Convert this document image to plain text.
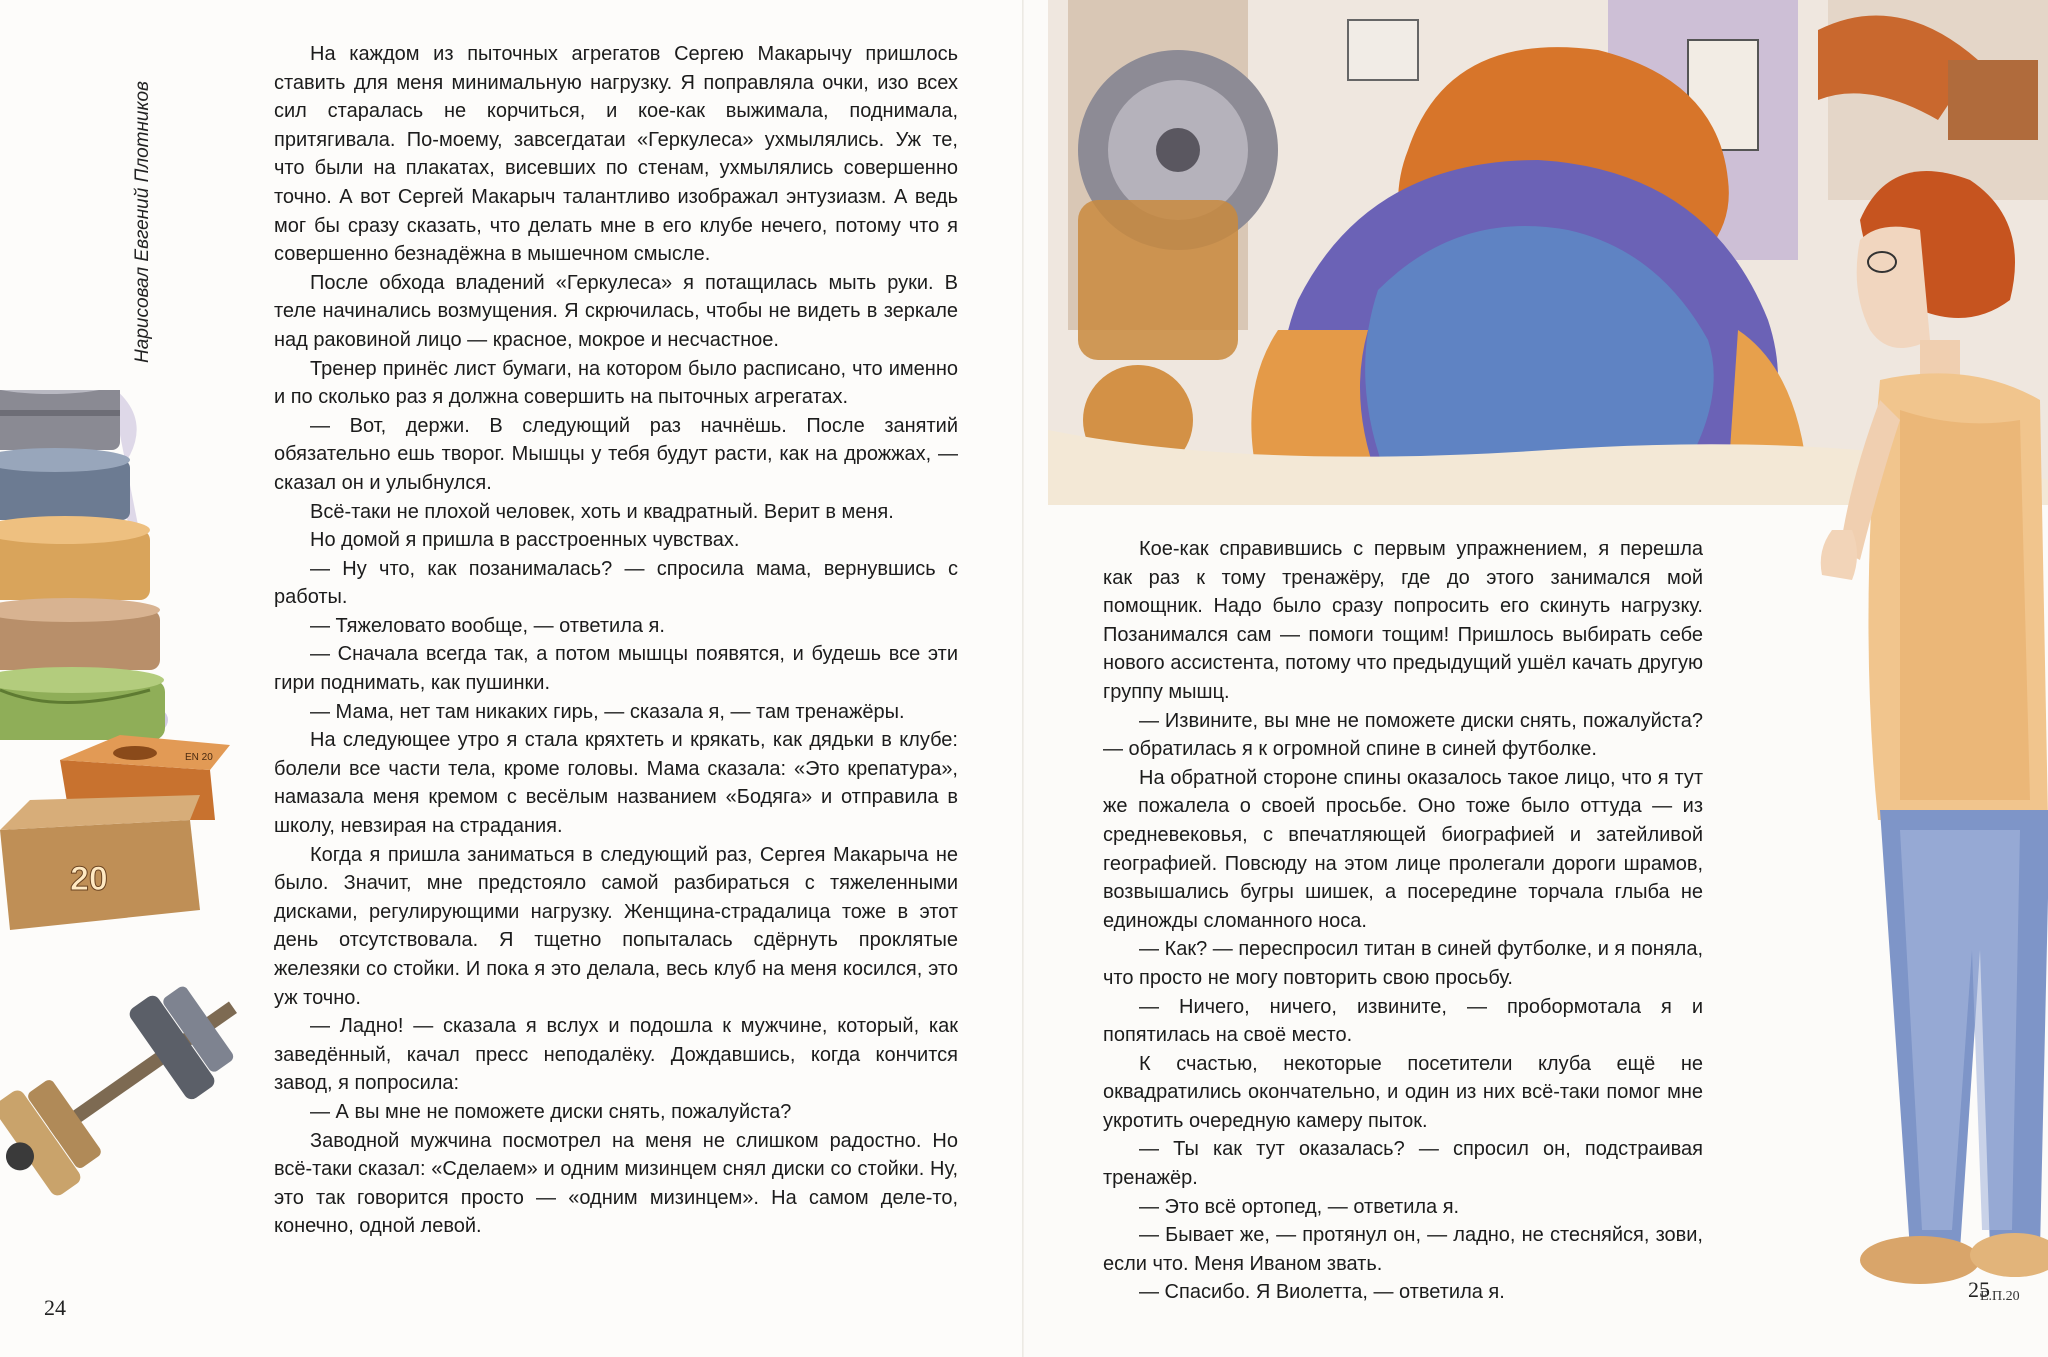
Нарисовал Евгений Плотников
EN 20
20

На каждом из пыточных агрегатов Сергею Макарычу пришлось ставить для меня минимальную нагрузку. Я поправляла очки, изо всех сил старалась не корчиться, и кое-как выжимала, поднимала, притягивала. По-моему, завсегдатаи «Геркулеса» ухмылялись. Уж те, что были на плакатах, висевших по стенам, ухмылялись совершенно точно. А вот Сергей Макарыч талантливо изображал энтузиазм. А ведь мог бы сразу сказать, что делать мне в его клубе нечего, потому что я совершенно безнадёжна в мышечном смысле.

После обхода владений «Геркулеса» я потащилась мыть руки. В теле начинались возмущения. Я скрючилась, чтобы не видеть в зеркале над раковиной лицо — красное, мокрое и несчастное.

Тренер принёс лист бумаги, на котором было расписано, что именно и по сколько раз я должна совершить на пыточных агрегатах.

— Вот, держи. В следующий раз начнёшь. После занятий обязательно ешь творог. Мышцы у тебя будут расти, как на дрожжах, — сказал он и улыбнулся.

Всё-таки не плохой человек, хоть и квадратный. Верит в меня.

Но домой я пришла в расстроенных чувствах.

— Ну что, как позанималась? — спросила мама, вернувшись с работы.

— Тяжеловато вообще, — ответила я.

— Сначала всегда так, а потом мышцы появятся, и будешь все эти гири поднимать, как пушинки.

— Мама, нет там никаких гирь, — сказала я, — там тренажёры.

На следующее утро я стала кряхтеть и крякать, как дядьки в клубе: болели все части тела, кроме головы. Мама сказала: «Это крепатура», намазала меня кремом с весёлым названием «Бодяга» и отправила в школу, невзирая на страдания.

Когда я пришла заниматься в следующий раз, Сергея Макарыча не было. Значит, мне предстояло самой разбираться с тяжеленными дисками, регулирующими нагрузку. Женщина-страдалица тоже в этот день отсутствовала. Я тщетно попыталась сдёрнуть проклятые железяки со стойки. И пока я это делала, весь клуб на меня косился, это уж точно.

— Ладно! — сказала я вслух и подошла к мужчине, который, как заведённый, качал пресс неподалёку. Дождавшись, когда кончится завод, я попросила:

— А вы мне не поможете диски снять, пожалуйста?

Заводной мужчина посмотрел на меня не слишком радостно. Но всё-таки сказал: «Сделаем» и одним мизинцем снял диски со стойки. Ну, это так говорится просто — «одним мизинцем». На самом деле-то, конечно, одной левой.

24
25
E.П.20

Кое-как справившись с первым упражнением, я перешла как раз к тому тренажёру, где до этого занимался мой помощник. Надо было сразу попросить его скинуть нагрузку. Позанимался сам — помоги тощим! Пришлось выбирать себе нового ассистента, потому что предыдущий ушёл качать другую группу мышц.

— Извините, вы мне не поможете диски снять, пожалуйста? — обратилась я к огромной спине в синей футболке.

На обратной стороне спины оказалось такое лицо, что я тут же пожалела о своей просьбе. Оно тоже было оттуда — из средневековья, с впечатляющей биографией и затейливой географией. Повсюду на этом лице пролегали дороги шрамов, возвышались бугры шишек, а посередине торчала глыба не единожды сломанного носа.

— Как? — переспросил титан в синей футболке, и я поняла, что просто не могу повторить свою просьбу.

— Ничего, ничего, извините, — пробормотала я и попятилась на своё место.

К счастью, некоторые посетители клуба ещё не оквадратились окончательно, и один из них всё-таки помог мне укротить очередную камеру пыток.

— Ты как тут оказалась? — спросил он, подстраивая тренажёр.

— Это всё ортопед, — ответила я.

— Бывает же, — протянул он, — ладно, не стесняйся, зови, если что. Меня Иваном звать.

— Спасибо. Я Виолетта, — ответила я.
